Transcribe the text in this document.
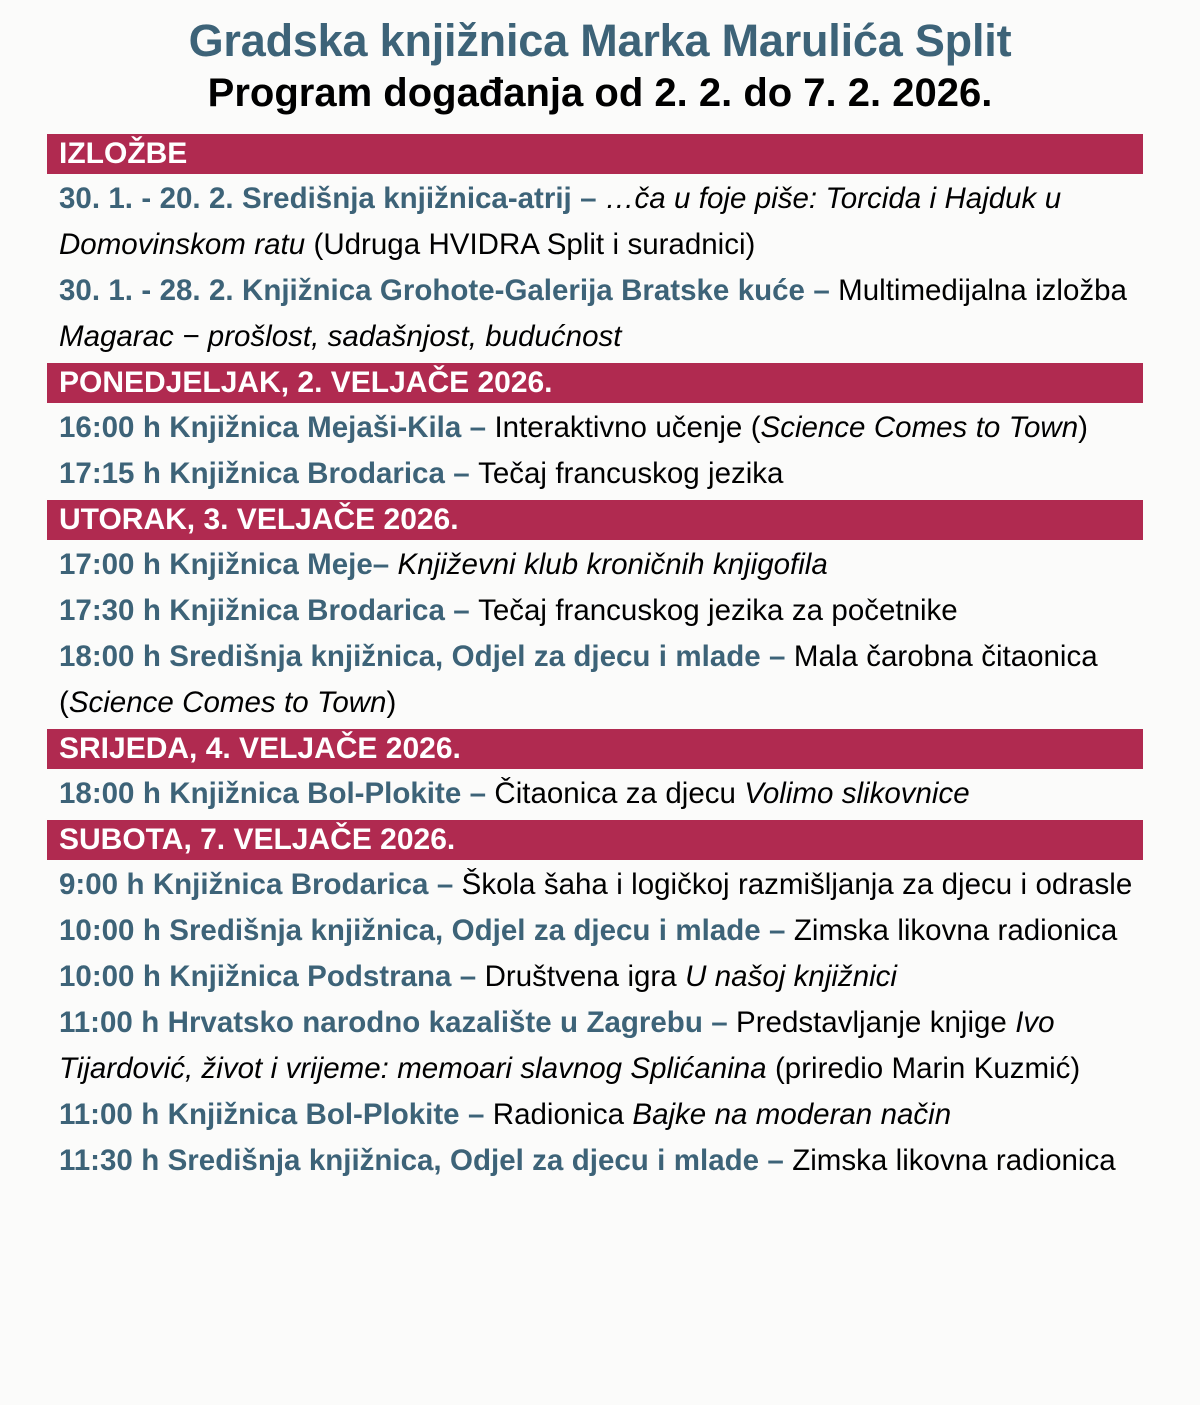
Gradska knjižnica Marka Marulića Split
Program događanja od 2. 2. do 7. 2. 2026.
IZLOŽBE

30. 1. - 20. 2. Središnja knjižnica-atrij – …ča u foje piše: Torcida i Hajduk u Domovinskom ratu (Udruga HVIDRA Split i suradnici)

30. 1. - 28. 2. Knjižnica Grohote-Galerija Bratske kuće – Multimedijalna izložba Magarac − prošlost, sadašnjost, budućnost

PONEDJELJAK, 2. VELJAČE 2026.

16:00 h Knjižnica Mejaši-Kila – Interaktivno učenje (Science Comes to Town)

17:15 h Knjižnica Brodarica – Tečaj francuskog jezika

UTORAK, 3. VELJAČE 2026.

17:00 h Knjižnica Meje– Književni klub kroničnih knjigofila

17:30 h Knjižnica Brodarica – Tečaj francuskog jezika za početnike

18:00 h Središnja knjižnica, Odjel za djecu i mlade – Mala čarobna čitaonica (Science Comes to Town)

SRIJEDA, 4. VELJAČE 2026.

18:00 h Knjižnica Bol-Plokite – Čitaonica za djecu Volimo slikovnice

SUBOTA, 7. VELJAČE 2026.

9:00 h Knjižnica Brodarica – Škola šaha i logičkoj razmišljanja za djecu i odrasle

10:00 h Središnja knjižnica, Odjel za djecu i mlade – Zimska likovna radionica

10:00 h Knjižnica Podstrana – Društvena igra U našoj knjižnici

11:00 h Hrvatsko narodno kazalište u Zagrebu – Predstavljanje knjige Ivo Tijardović, život i vrijeme: memoari slavnog Splićanina (priredio Marin Kuzmić)

11:00 h Knjižnica Bol-Plokite – Radionica Bajke na moderan način

11:30 h Središnja knjižnica, Odjel za djecu i mlade – Zimska likovna radionica
